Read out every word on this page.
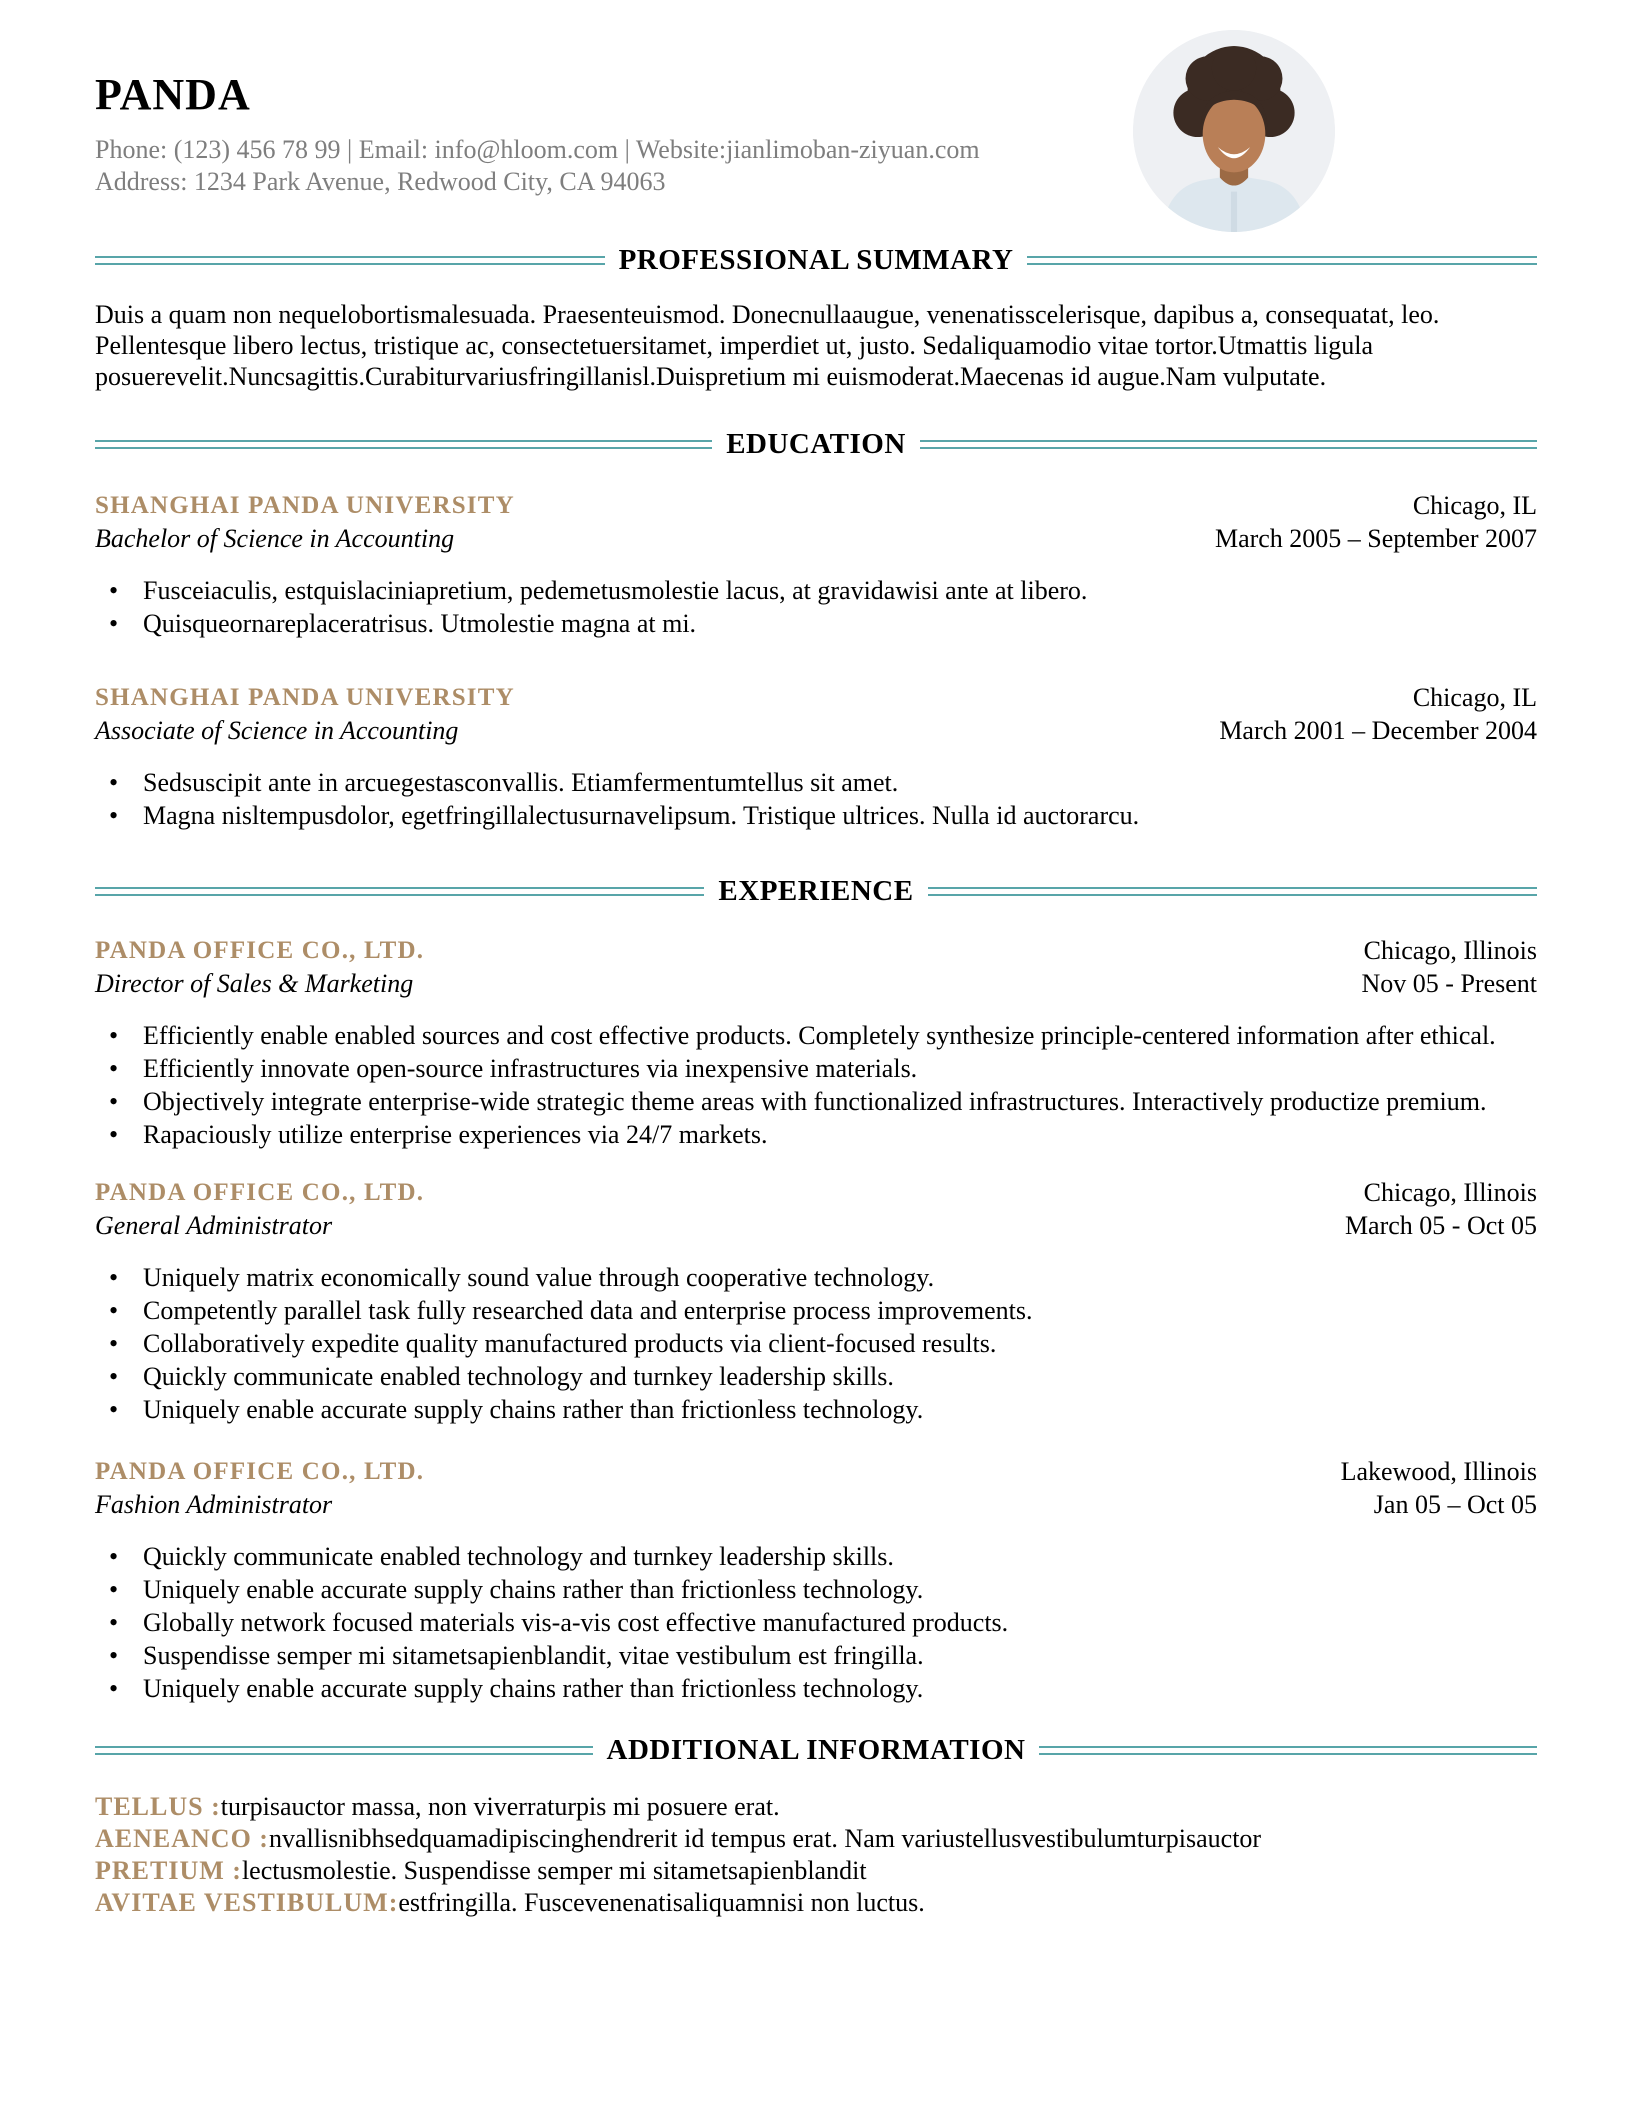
PANDA
Phone: (123) 456 78 99 | Email: info@hloom.com | Website:jianlimoban-ziyuan.com
Address: 1234 Park Avenue, Redwood City, CA 94063
PROFESSIONAL SUMMARY

Duis a quam non nequelobortismalesuada. Praesenteuismod. Donecnullaaugue, venenatisscelerisque, dapibus a, consequatat, leo. Pellentesque libero lectus, tristique ac, consectetuersitamet, imperdiet ut, justo. Sedaliquamodio vitae tortor.Utmattis ligula posuerevelit.Nuncsagittis.Curabiturvariusfringillanisl.Duispretium mi euismoderat.Maecenas id augue.Nam vulputate.

EDUCATION
SHANGHAI PANDA UNIVERSITY
Bachelor of Science in Accounting
Chicago, IL
March 2005 – September 2007
• Fusceiaculis, estquislaciniapretium, pedemetusmolestie lacus, at gravidawisi ante at libero.
• Quisqueornareplaceratrisus. Utmolestie magna at mi.
SHANGHAI PANDA UNIVERSITY
Associate of Science in Accounting
Chicago, IL
March 2001 – December 2004
• Sedsuscipit ante in arcuegestasconvallis. Etiamfermentumtellus sit amet.
• Magna nisltempusdolor, egetfringillalectusurnavelipsum. Tristique ultrices. Nulla id auctorarcu.
EXPERIENCE
PANDA OFFICE CO., LTD.
Director of Sales & Marketing
Chicago, Illinois
Nov 05 - Present
• Efficiently enable enabled sources and cost effective products. Completely synthesize principle-centered information after ethical.
• Efficiently innovate open-source infrastructures via inexpensive materials.
• Objectively integrate enterprise-wide strategic theme areas with functionalized infrastructures. Interactively productize premium.
• Rapaciously utilize enterprise experiences via 24/7 markets.
PANDA OFFICE CO., LTD.
General Administrator
Chicago, Illinois
March 05 - Oct 05
• Uniquely matrix economically sound value through cooperative technology.
• Competently parallel task fully researched data and enterprise process improvements.
• Collaboratively expedite quality manufactured products via client-focused results.
• Quickly communicate enabled technology and turnkey leadership skills.
• Uniquely enable accurate supply chains rather than frictionless technology.
PANDA OFFICE CO., LTD.
Fashion Administrator
Lakewood, Illinois
Jan 05 – Oct 05
• Quickly communicate enabled technology and turnkey leadership skills.
• Uniquely enable accurate supply chains rather than frictionless technology.
• Globally network focused materials vis-a-vis cost effective manufactured products.
• Suspendisse semper mi sitametsapienblandit, vitae vestibulum est fringilla.
• Uniquely enable accurate supply chains rather than frictionless technology.
ADDITIONAL INFORMATION
TELLUS :turpisauctor massa, non viverraturpis mi posuere erat.
AENEANCO :nvallisnibhsedquamadipiscinghendrerit id tempus erat. Nam variustellusvestibulumturpisauctor
PRETIUM :lectusmolestie. Suspendisse semper mi sitametsapienblandit
AVITAE VESTIBULUM:estfringilla. Fuscevenenatisaliquamnisi non luctus.
